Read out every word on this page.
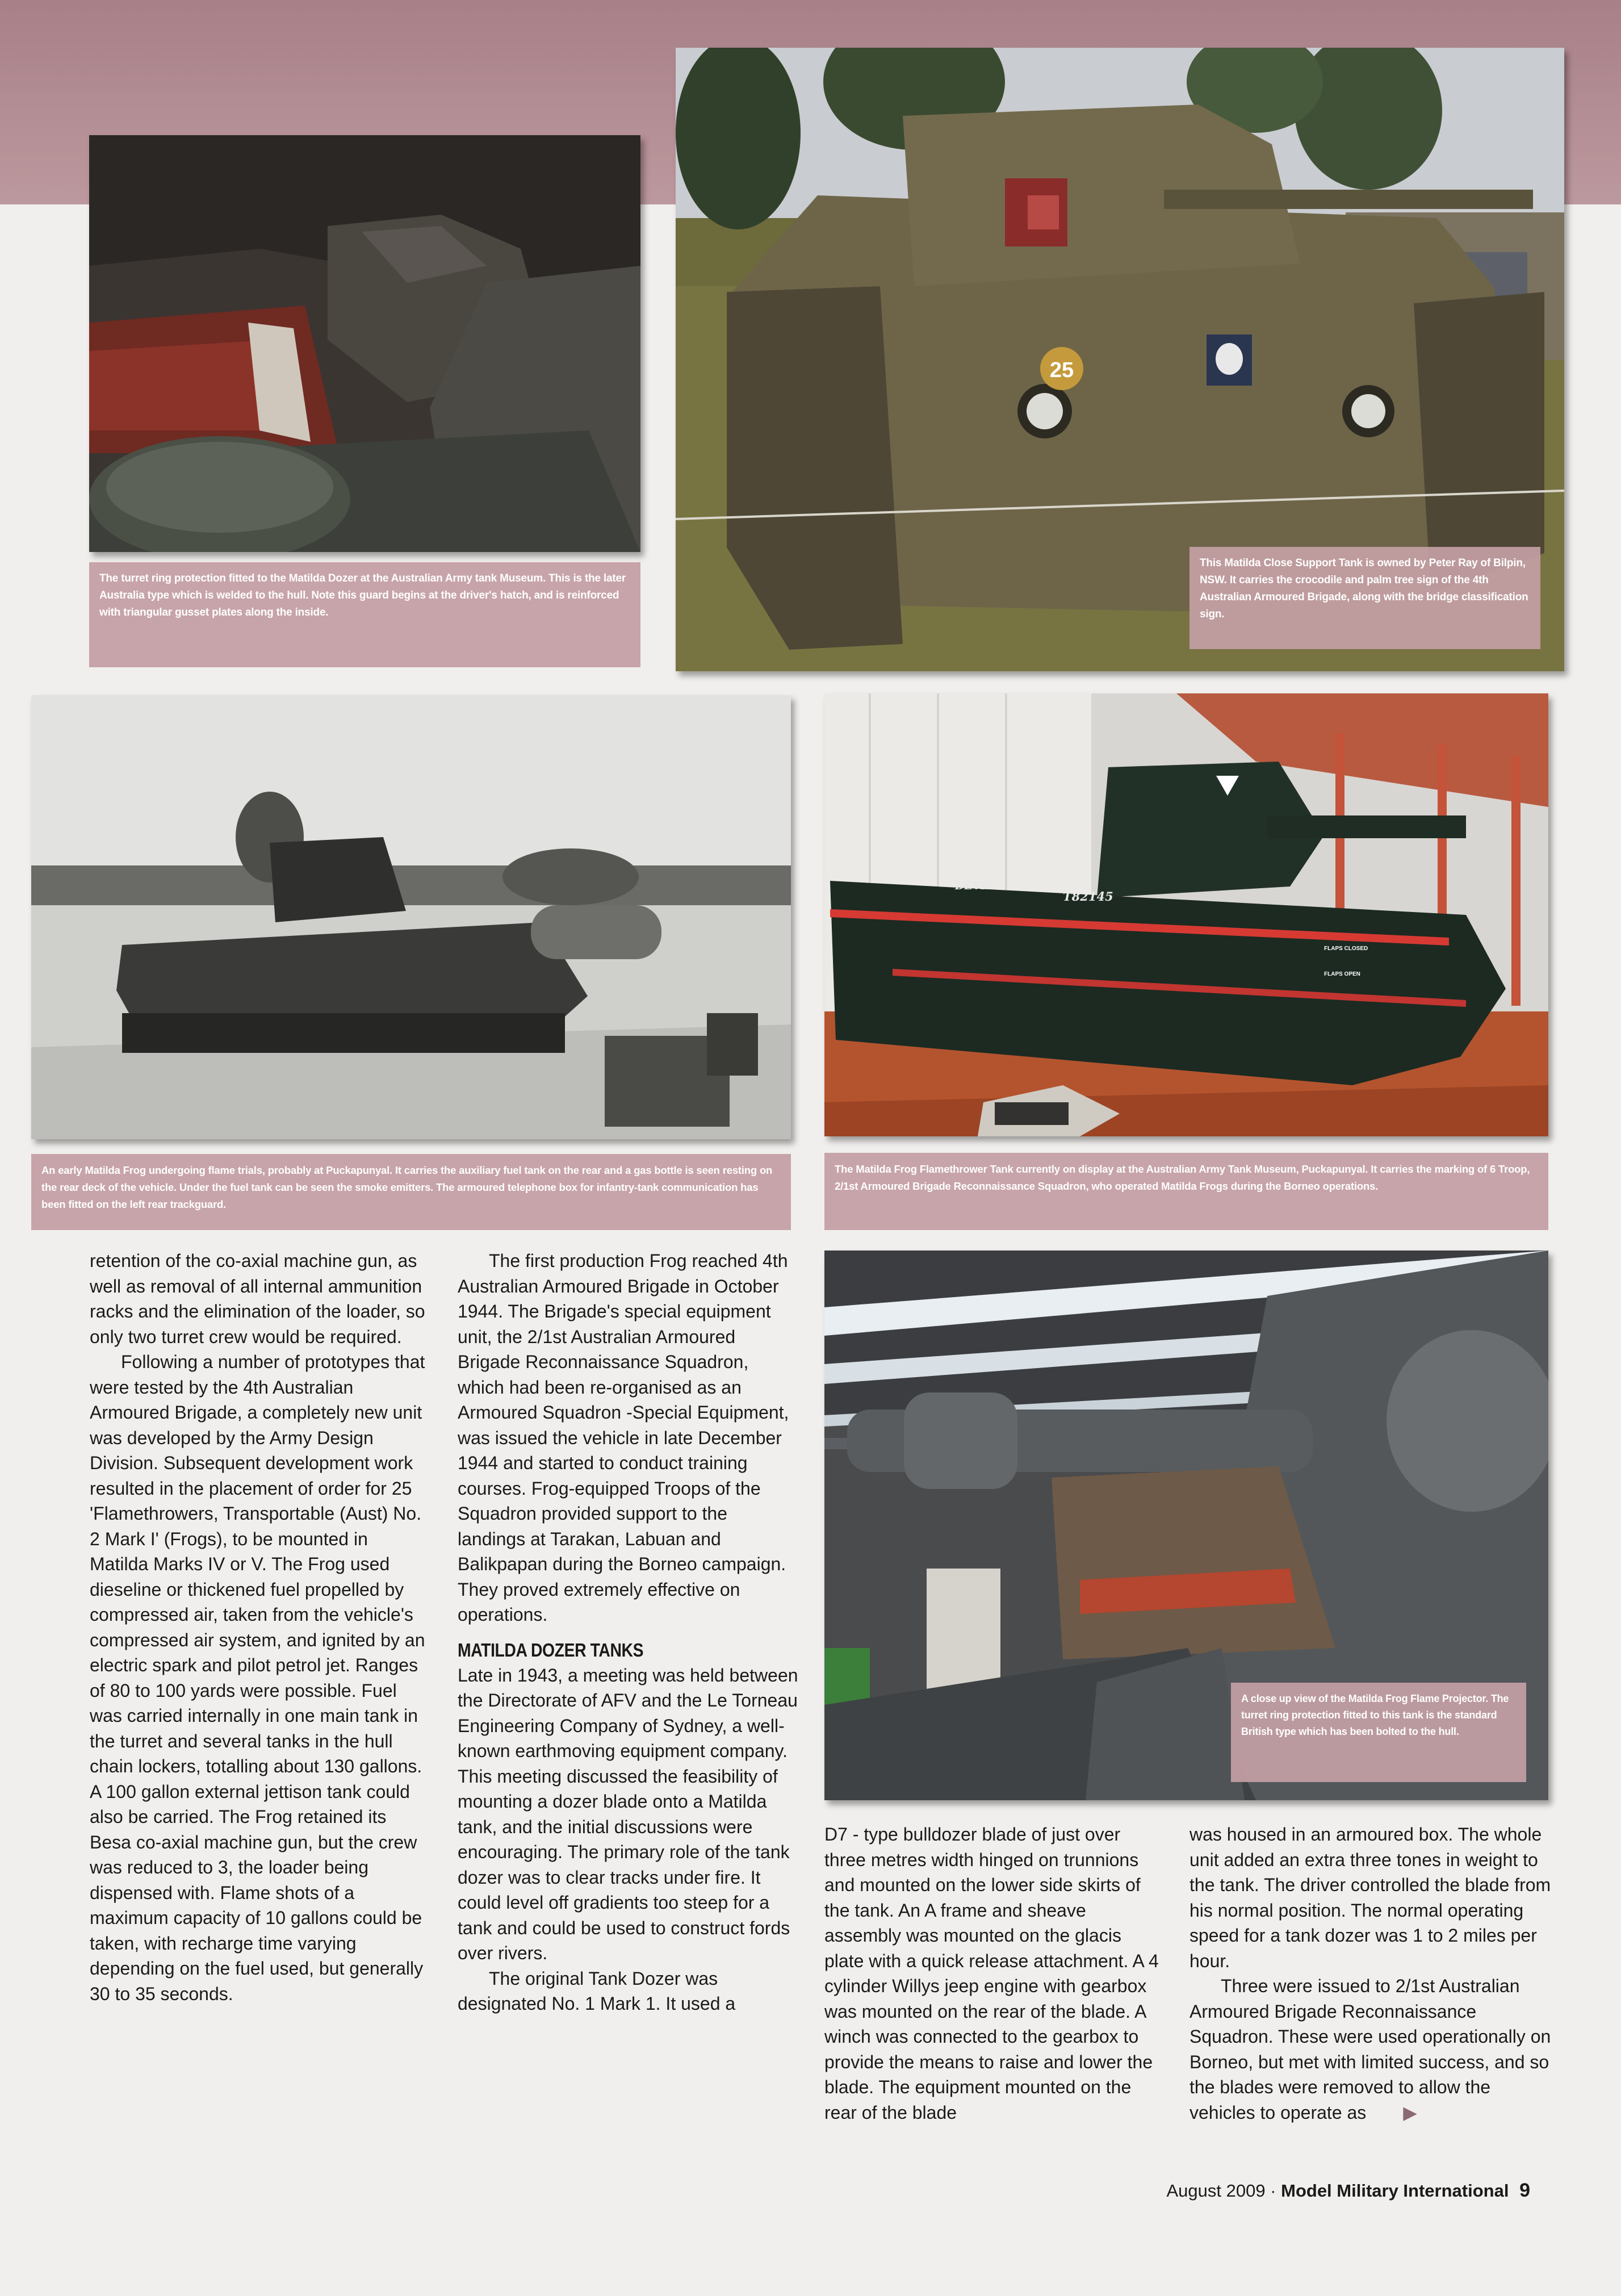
The turret ring protection fitted to the Matilda Dozer at the Australian Army tank Museum. This is the later Australia type which is welded to the hull. Note this guard begins at the driver's hatch, and is reinforced with triangular gusset plates along the inside.
25
This Matilda Close Support Tank is owned by Peter Ray of Bilpin, NSW. It carries the crocodile and palm tree sign of the 4th Australian Armoured Brigade, along with the bridge classification sign.
An early Matilda Frog undergoing flame trials, probably at Puckapunyal. It carries the auxiliary fuel tank on the rear and a gas bottle is seen resting on the rear deck of the vehicle. Under the fuel tank can be seen the smoke emitters. The armoured telephone box for infantry-tank communication has been fitted on the left rear trackguard.
DEVIL
T82145
FLAPS CLOSED
FLAPS OPEN
The Matilda Frog Flamethrower Tank currently on display at the Australian Army Tank Museum, Puckapunyal. It carries the marking of 6 Troop, 2/1st Armoured Brigade Reconnaissance Squadron, who operated Matilda Frogs during the Borneo operations.
A close up view of the Matilda Frog Flame Projector. The turret ring protection fitted to this tank is the standard British type which has been bolted to the hull.

retention of the co-axial machine gun, as well as removal of all internal ammunition racks and the elimination of the loader, so only two turret crew would be required.

Following a number of prototypes that were tested by the 4th Australian Armoured Brigade, a completely new unit was developed by the Army Design Division. Subsequent development work resulted in the placement of order for 25 'Flamethrowers, Transportable (Aust) No. 2 Mark I' (Frogs), to be mounted in Matilda Marks IV or V. The Frog used dieseline or thickened fuel propelled by compressed air, taken from the vehicle's compressed air system, and ignited by an electric spark and pilot petrol jet. Ranges of 80 to 100 yards were possible. Fuel was carried internally in one main tank in the turret and several tanks in the hull chain lockers, totalling about 130 gallons. A 100 gallon external jettison tank could also be carried. The Frog retained its Besa co-axial machine gun, but the crew was reduced to 3, the loader being dispensed with. Flame shots of a maximum capacity of 10 gallons could be taken, with recharge time varying depending on the fuel used, but generally 30 to 35 seconds.

The first production Frog reached 4th Australian Armoured Brigade in October 1944. The Brigade's special equipment unit, the 2/1st Australian Armoured Brigade Reconnaissance Squadron, which had been re-organised as an Armoured Squadron -Special Equipment, was issued the vehicle in late December 1944 and started to conduct training courses. Frog-equipped Troops of the Squadron provided support to the landings at Tarakan, Labuan and Balikpapan during the Borneo campaign. They proved extremely effective on operations.

MATILDA DOZER TANKS

Late in 1943, a meeting was held between the Directorate of AFV and the Le Torneau Engineering Company of Sydney, a well-known earthmoving equipment company. This meeting discussed the feasibility of mounting a dozer blade onto a Matilda tank, and the initial discussions were encouraging. The primary role of the tank dozer was to clear tracks under fire. It could level off gradients too steep for a tank and could be used to construct fords over rivers.

The original Tank Dozer was designated No. 1 Mark 1. It used a

D7 - type bulldozer blade of just over three metres width hinged on trunnions and mounted on the lower side skirts of the tank. An A frame and sheave assembly was mounted on the glacis plate with a quick release attachment. A 4 cylinder Willys jeep engine with gearbox was mounted on the rear of the blade. A winch was connected to the gearbox to provide the means to raise and lower the blade. The equipment mounted on the rear of the blade

was housed in an armoured box. The whole unit added an extra three tones in weight to the tank. The driver controlled the blade from his normal position. The normal operating speed for a tank dozer was 1 to 2 miles per hour.

Three were issued to 2/1st Australian Armoured Brigade Reconnaissance Squadron. These were used operationally on Borneo, but met with limited success, and so the blades were removed to allow the vehicles to operate as ▶

August 2009 · Model Military International 9
